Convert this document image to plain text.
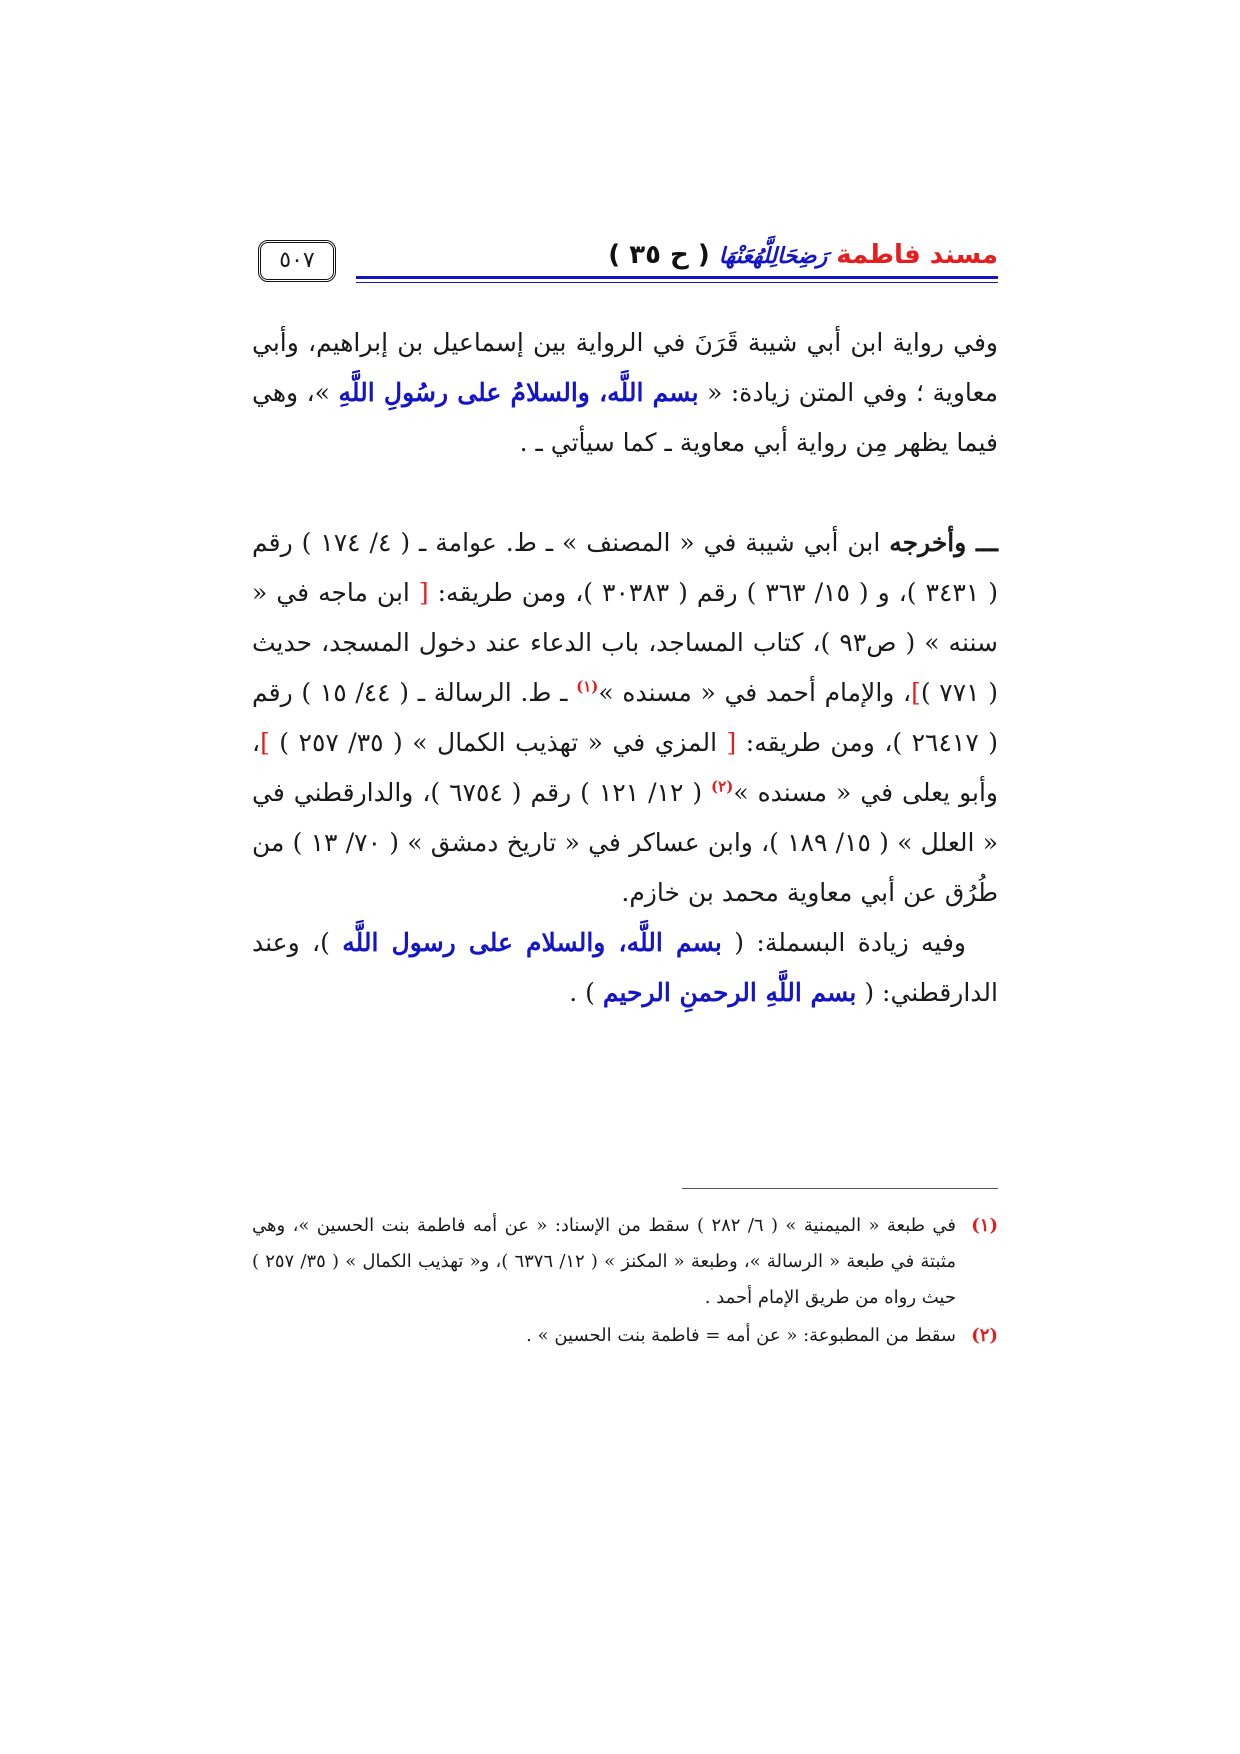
مسند فاطمة رَضِحَالِلَّهُعَنْهَا ( ح ٣٥ )
٥٠٧

وفي رواية ابن أبي شيبة قَرَنَ في الرواية بين إسماعيل بن إبراهيم، وأبي معاوية ؛ وفي المتن زيادة: « بسم اللَّه، والسلامُ على رسُولِ اللَّهِ »، وهي فيما يظهر مِن رواية أبي معاوية ـ كما سيأتي ـ .

ـــ وأخرجه ابن أبي شيبة في « المصنف » ـ ط. عوامة ـ ( ٤/ ١٧٤ ) رقم ( ٣٤٣١ )، و ( ١٥/ ٣٦٣ ) رقم ( ٣٠٣٨٣ )، ومن طريقه: [ ابن ماجه في « سننه » ( ص٩٣ )، كتاب المساجد، باب الدعاء عند دخول المسجد، حديث ( ٧٧١ )]، والإمام أحمد في « مسنده »$^{(١)}$ ـ ط. الرسالة ـ ( ٤٤/ ١٥ ) رقم ( ٢٦٤١٧ )، ومن طريقه: [ المزي في « تهذيب الكمال » ( ٣٥/ ٢٥٧ ) ]، وأبو يعلى في « مسنده »$^{(٢)}$ ( ١٢/ ١٢١ ) رقم ( ٦٧٥٤ )، والدارقطني في « العلل » ( ١٥/ ١٨٩ )، وابن عساكر في « تاريخ دمشق » ( ٧٠/ ١٣ ) من طُرُق عن أبي معاوية محمد بن خازم.

وفيه زيادة البسملة: ( بسم اللَّه، والسلام على رسول اللَّه )، وعند الدارقطني: ( بسم اللَّهِ الرحمنِ الرحيم ) .

(١)
في طبعة « الميمنية » ( ٦/ ٢٨٢ ) سقط من الإسناد: « عن أمه فاطمة بنت الحسين »، وهي مثبتة في طبعة « الرسالة »، وطبعة « المكنز » ( ١٢/ ٦٣٧٦ )، و« تهذيب الكمال » ( ٣٥/ ٢٥٧ ) حيث رواه من طريق الإمام أحمد .
(٢)
سقط من المطبوعة: « عن أمه = فاطمة بنت الحسين » .
